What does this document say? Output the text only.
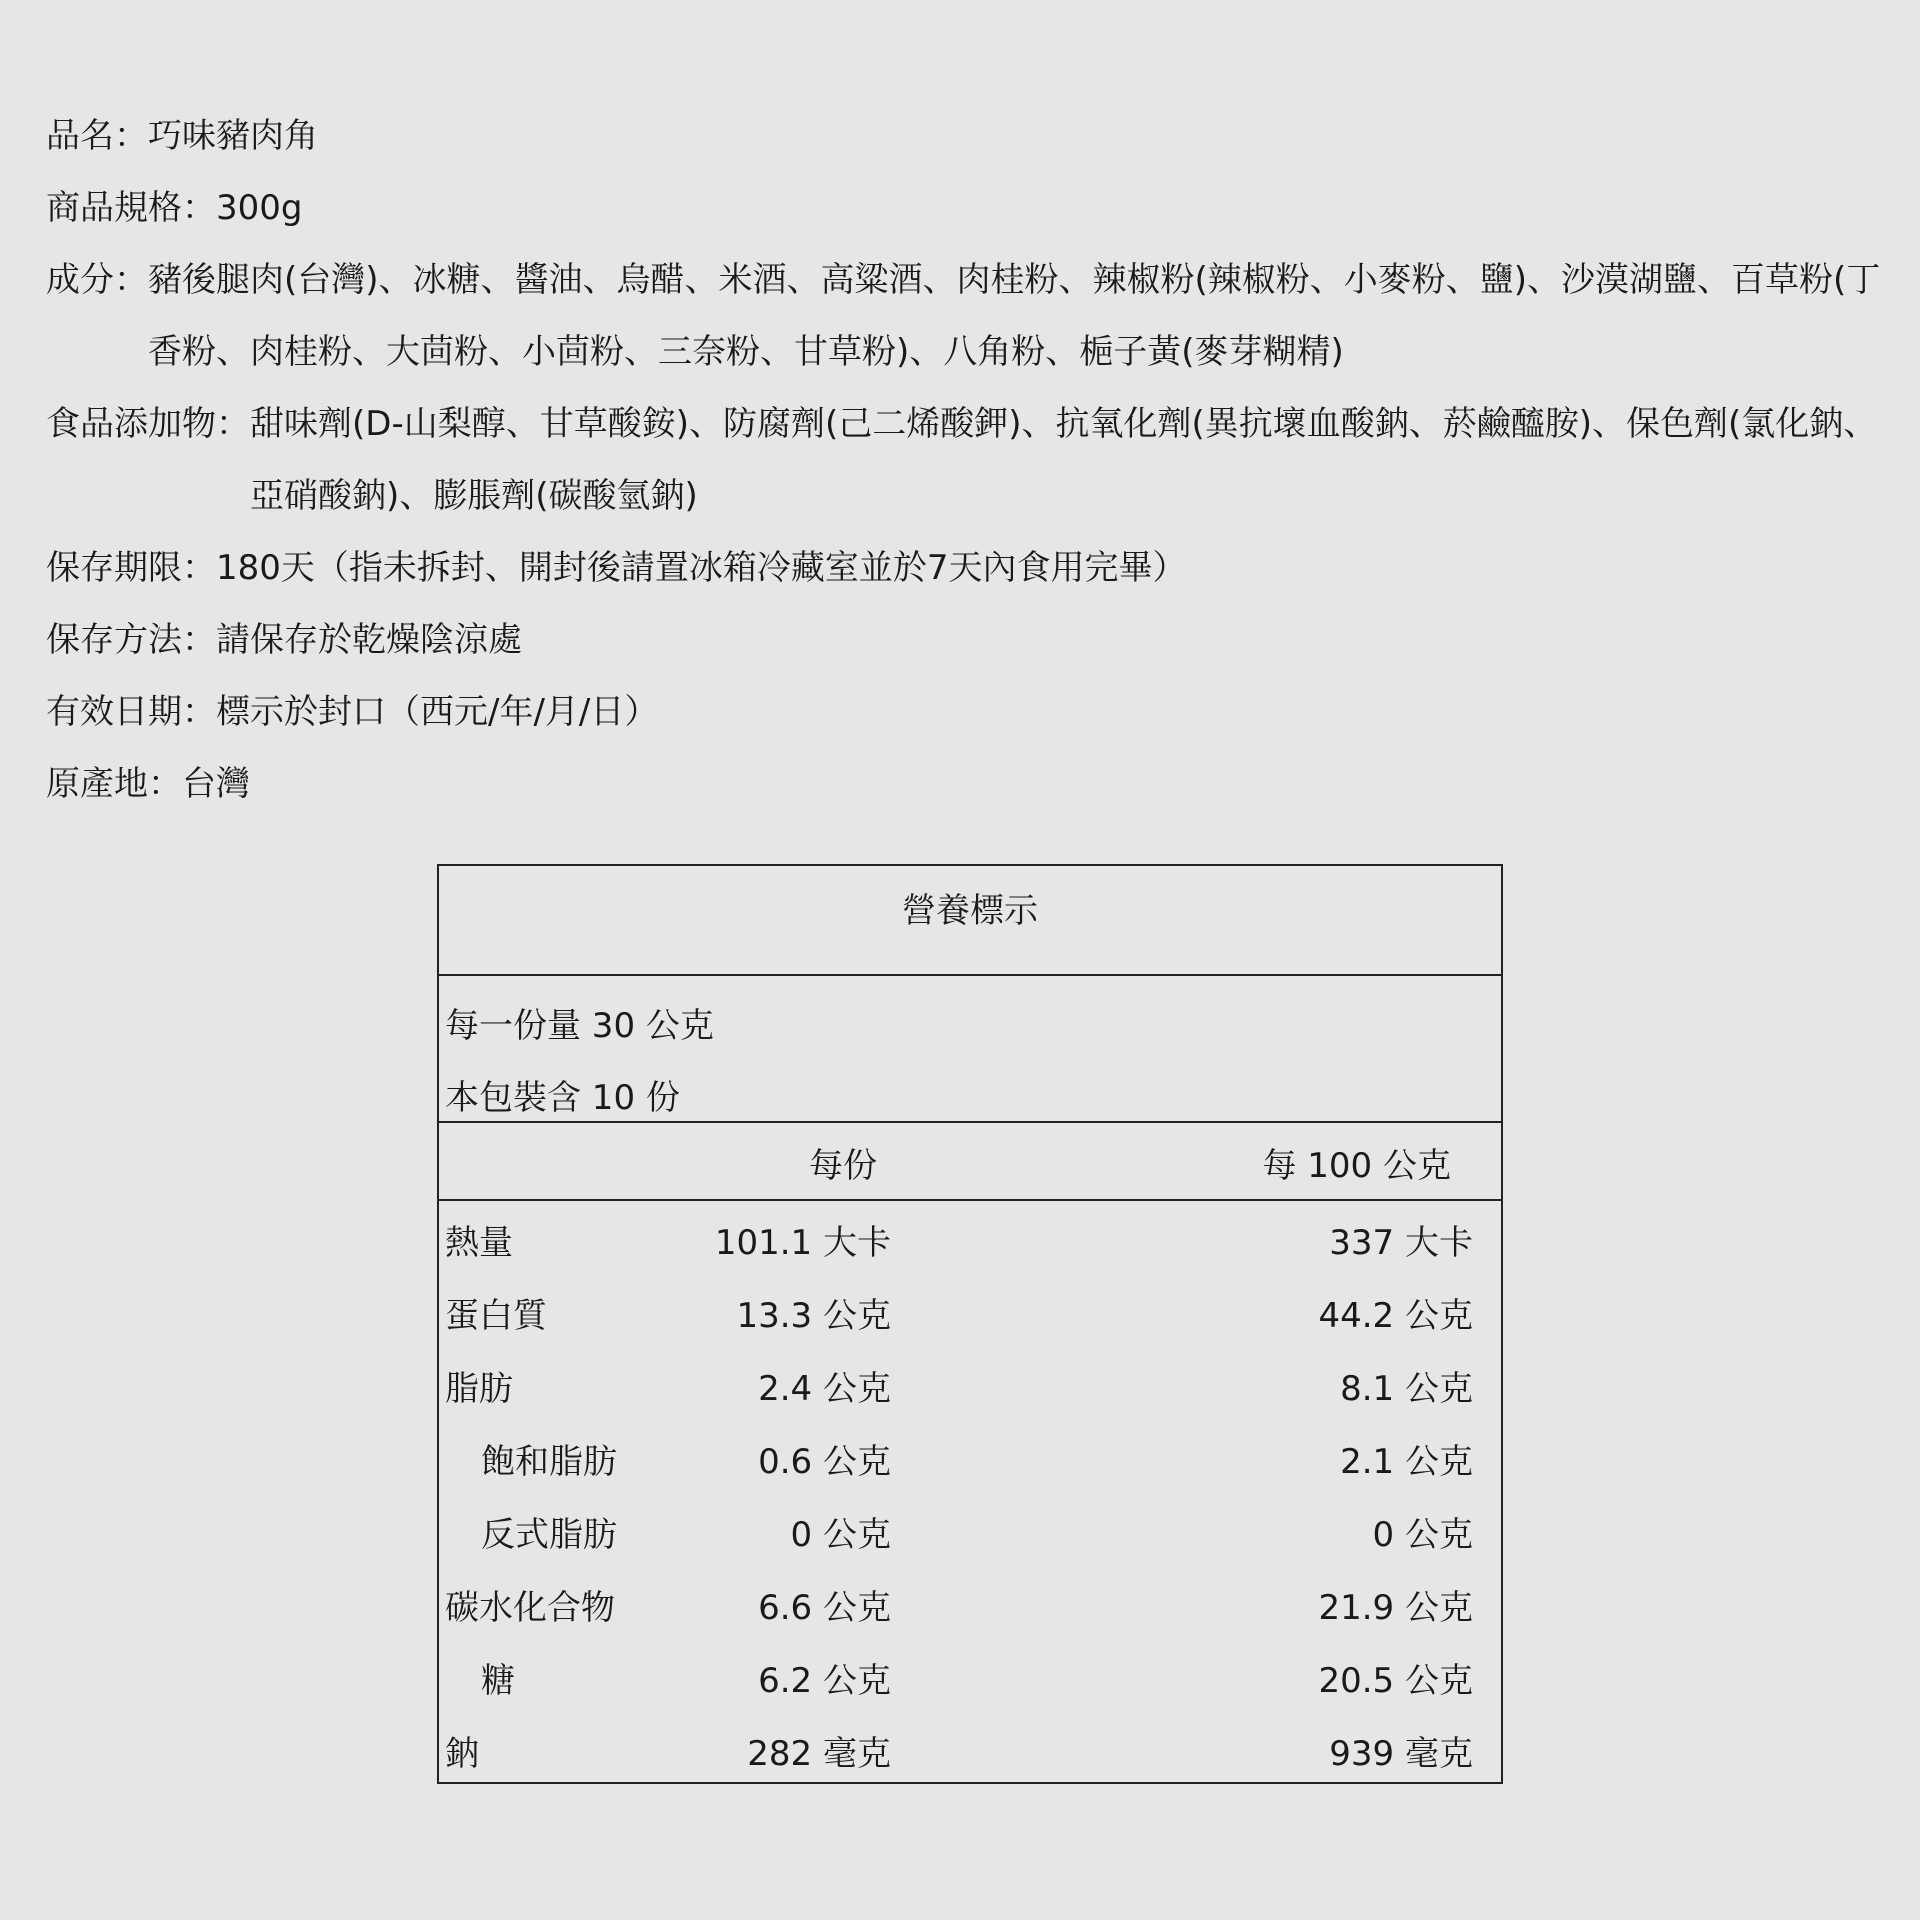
品名： 巧味豬肉角
商品規格： 300g
成分： 豬後腿肉(台灣)、冰糖、醬油、烏醋、米酒、高粱酒、肉桂粉、辣椒粉(辣椒粉、小麥粉、鹽)、沙漠湖鹽、百草粉(丁香粉、肉桂粉、大茴粉、小茴粉、三奈粉、甘草粉)、八角粉、梔子黃(麥芽糊精)
食品添加物： 甜味劑(D-山梨醇、甘草酸銨)、防腐劑(己二烯酸鉀)、抗氧化劑(異抗壞血酸鈉、菸鹼醯胺)、保色劑(氯化鈉、亞硝酸鈉)、膨脹劑(碳酸氫鈉)
保存期限： 180天（指未拆封、開封後請置冰箱冷藏室並於7天內食用完畢）
保存方法： 請保存於乾燥陰涼處
有效日期： 標示於封口（西元/年/月/日）
原產地： 台灣
營養標示
每一份量 30 公克
本包裝含 10 份
每份	每 100 公克
熱量	101.1 大卡	337 大卡
蛋白質	13.3 公克	44.2 公克
脂肪	2.4 公克	8.1 公克
飽和脂肪	0.6 公克	2.1 公克
反式脂肪	0 公克	0 公克
碳水化合物	6.6 公克	21.9 公克
糖	6.2 公克	20.5 公克
鈉	282 毫克	939 毫克
